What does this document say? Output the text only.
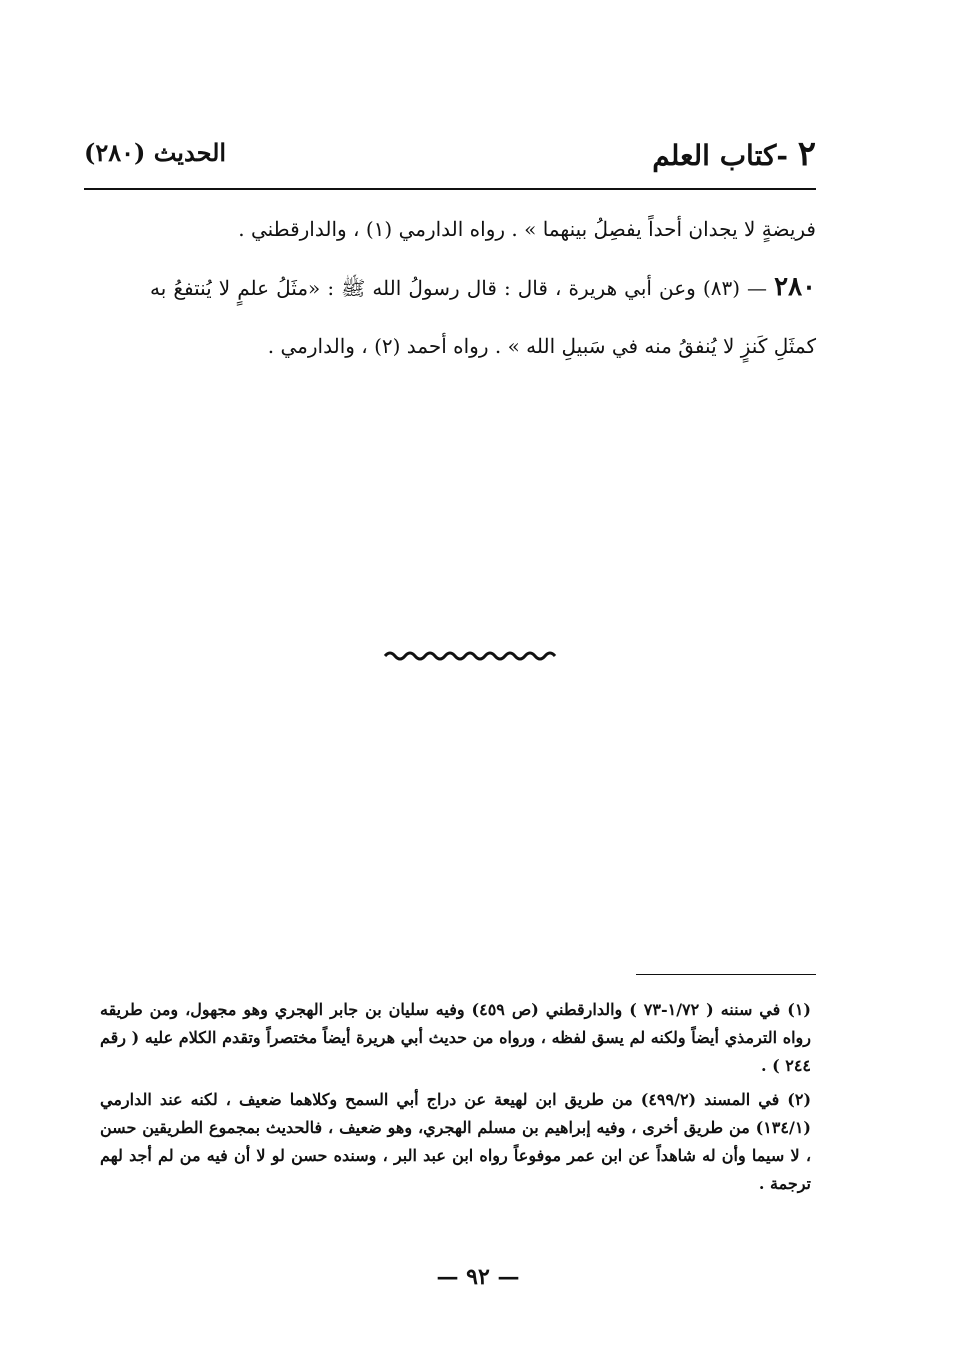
٢ -كتاب العلم
الحديث (٢٨٠)

فريضةٍ لا يجدان أحداً يفصِلُ بينهما » . رواه الدارمي (١) ، والدارقطني .

٢٨٠ — (٨٣) وعن أبي هريرة ، قال : قال رسولُ الله ﷺ : «مثَلُ علمٍ لا يُنتفعُ به كمثَلِ كَنزٍ لا يُنفقُ منه في سَبيلِ الله » . رواه أحمد (٢) ، والدارمي .

(١) في سننه ( ١/٧٢-٧٣ ) والدارقطني (ص ٤٥٩) وفيه سليان بن جابر الهجري وهو مجهول، ومن طريقه رواه الترمذي أيضاً ولكنه لم يسق لفظه ، ورواه من حديث أبي هريرة أيضاً مختصراً وتقدم الكلام عليه ( رقم ٢٤٤ ) .

(٢) في المسند (٤٩٩/٢) من طريق ابن لهيعة عن دراج أبي السمح وكلاهما ضعيف ، لكنه عند الدارمي (١٣٤/١) من طريق أخرى ، وفيه إبراهيم بن مسلم الهجري، وهو ضعيف ، فالحديث بمجموع الطريقين حسن ، لا سيما وأن له شاهداً عن ابن عمر موفوعاً رواه ابن عبد البر ، وسنده حسن لو لا أن فيه من لم أجد لهم ترجمة .

— ٩٢ —
